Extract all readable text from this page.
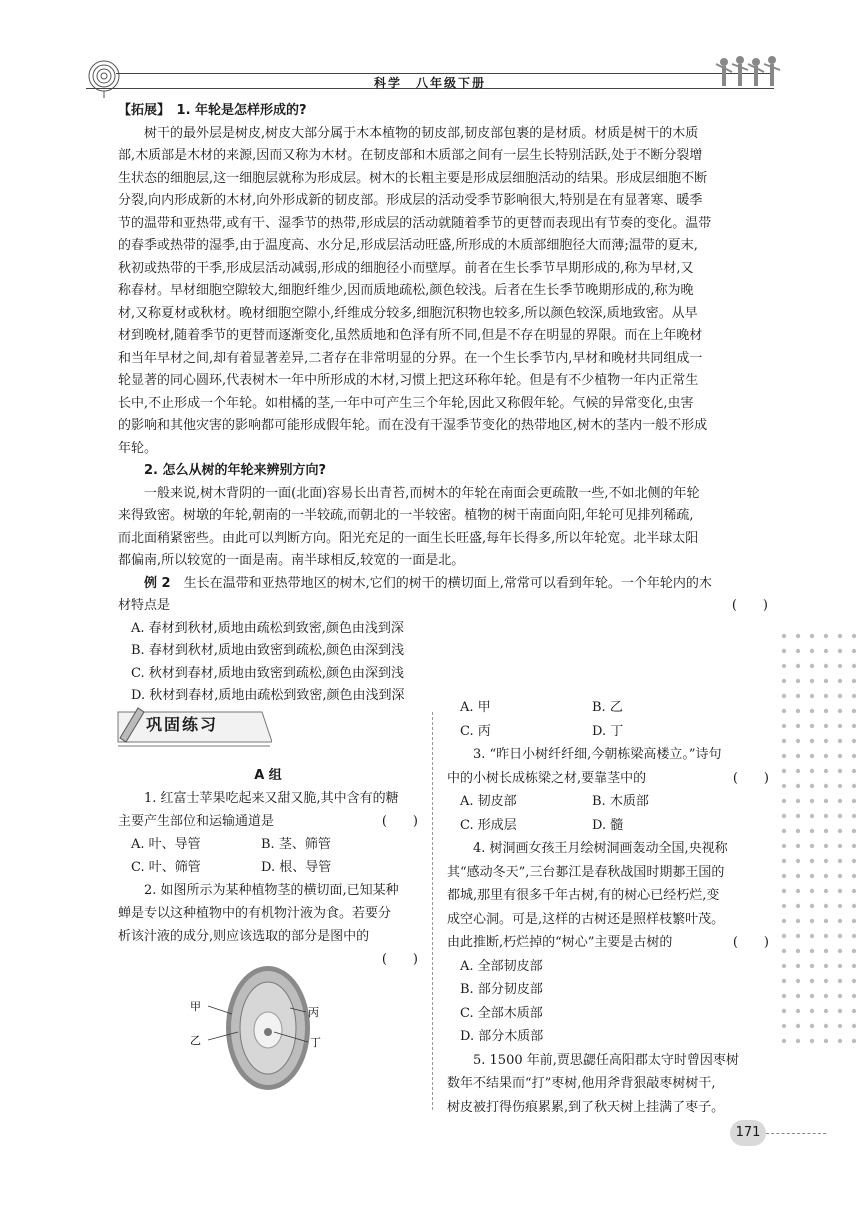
科学　八年级下册
【拓展】　 1. 年轮是怎样形成的?
树干的最外层是树皮,树皮大部分属于木本植物的韧皮部,韧皮部包裹的是材质。材质是树干的木质
部,木质部是木材的来源,因而又称为木材。在韧皮部和木质部之间有一层生长特别活跃,处于不断分裂增
生状态的细胞层,这一细胞层就称为形成层。树木的长粗主要是形成层细胞活动的结果。形成层细胞不断
分裂,向内形成新的木材,向外形成新的韧皮部。形成层的活动受季节影响很大,特别是在有显著寒、暖季
节的温带和亚热带,或有干、湿季节的热带,形成层的活动就随着季节的更替而表现出有节奏的变化。温带
的春季或热带的湿季,由于温度高、水分足,形成层活动旺盛,所形成的木质部细胞径大而薄;温带的夏末,
秋初或热带的干季,形成层活动减弱,形成的细胞径小而壁厚。前者在生长季节早期形成的,称为早材,又
称春材。早材细胞空隙较大,细胞纤维少,因而质地疏松,颜色较浅。后者在生长季节晚期形成的,称为晚
材,又称夏材或秋材。晚材细胞空隙小,纤维成分较多,细胞沉积物也较多,所以颜色较深,质地致密。从早
材到晚材,随着季节的更替而逐渐变化,虽然质地和色泽有所不同,但是不存在明显的界限。而在上年晚材
和当年早材之间,却有着显著差异,二者存在非常明显的分界。在一个生长季节内,早材和晚材共同组成一
轮显著的同心圆环,代表树木一年中所形成的木材,习惯上把这环称年轮。但是有不少植物一年内正常生
长中,不止形成一个年轮。如柑橘的茎,一年中可产生三个年轮,因此又称假年轮。气候的异常变化,虫害
的影响和其他灾害的影响都可能形成假年轮。而在没有干湿季节变化的热带地区,树木的茎内一般不形成
年轮。
2. 怎么从树的年轮来辨别方向?
一般来说,树木背阴的一面(北面)容易长出青苔,而树木的年轮在南面会更疏散一些,不如北侧的年轮
来得致密。树墩的年轮,朝南的一半较疏,而朝北的一半较密。植物的树干南面向阳,年轮可见排列稀疏,
而北面稍紧密些。由此可以判断方向。阳光充足的一面生长旺盛,每年长得多,所以年轮宽。北半球太阳
都偏南,所以较宽的一面是南。南半球相反,较宽的一面是北。
例 2　 生长在温带和亚热带地区的树木,它们的树干的横切面上,常常可以看到年轮。一个年轮内的木
材特点是	(　　)
A. 春材到秋材,质地由疏松到致密,颜色由浅到深
B. 春材到秋材,质地由致密到疏松,颜色由深到浅
C. 秋材到春材,质地由致密到疏松,颜色由深到浅
D. 秋材到春材,质地由疏松到致密,颜色由浅到深
巩固练习
A 组
1. 红富士苹果吃起来又甜又脆,其中含有的糖
主要产生部位和运输通道是	(　　)
A. 叶、导管	B. 茎、筛管
C. 叶、筛管	D. 根、导管
2. 如图所示为某种植物茎的横切面,已知某种
蝉是专以这种植物中的有机物汁液为食。若要分
析该汁液的成分,则应该选取的部分是图中的
(　　)
甲
乙
丙
丁
A. 甲	B. 乙
C. 丙	D. 丁
3. “昨日小树纤纤细,今朝栋梁高楼立。”诗句
中的小树长成栋梁之材,要靠茎中的	(　　)
A. 韧皮部	B. 木质部
C. 形成层	D. 髓
4. 树洞画女孩王月绘树洞画轰动全国,央视称
其“感动冬天”,三台郪江是春秋战国时期郪王国的
都城,那里有很多千年古树,有的树心已经朽烂,变
成空心洞。可是,这样的古树还是照样枝繁叶茂。
由此推断,朽烂掉的“树心”主要是古树的	(　　)
A. 全部韧皮部
B. 部分韧皮部
C. 全部木质部
D. 部分木质部
5. 1500 年前,贾思勰任高阳郡太守时曾因枣树
数年不结果而“打”枣树,他用斧背狠敲枣树树干,
树皮被打得伤痕累累,到了秋天树上挂满了枣子。
171
